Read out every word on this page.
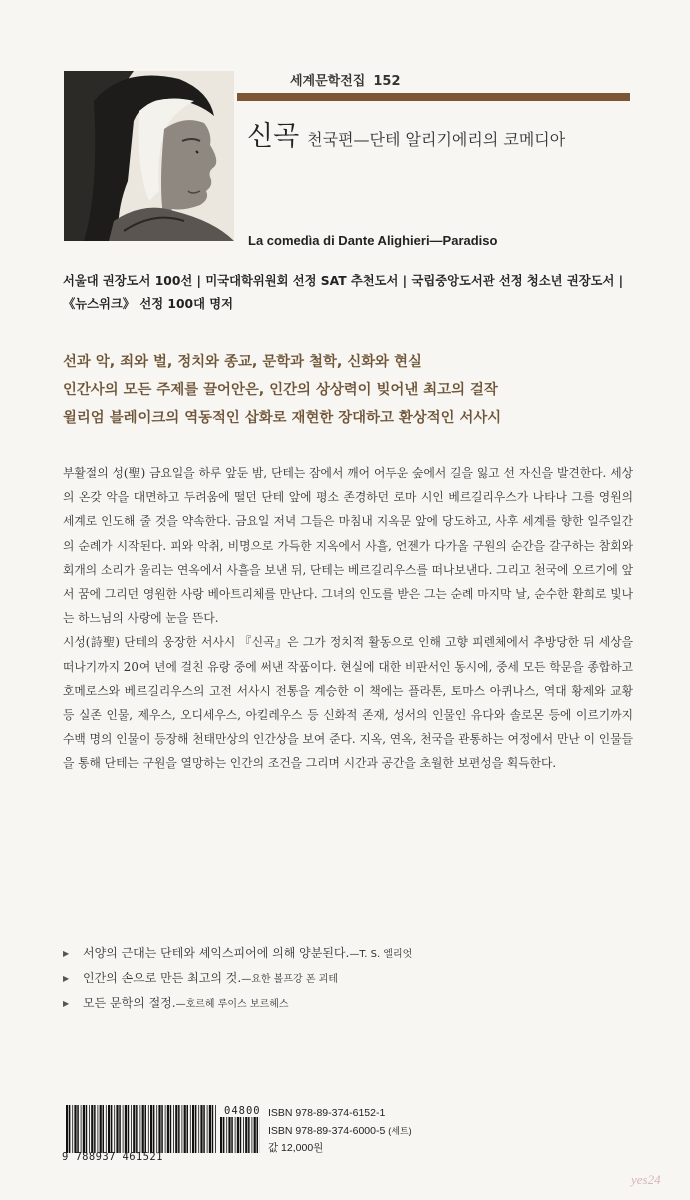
세계문학전집 152
신곡 천국편—단테 알리기에리의 코메디아
La comedìa di Dante Alighieri—Paradiso
서울대 권장도서 100선 | 미국대학위원회 선정 SAT 추천도서 | 국립중앙도서관 선정 청소년 권장도서 | 《뉴스위크》 선정 100대 명저
선과 악, 죄와 벌, 정치와 종교, 문학과 철학, 신화와 현실
인간사의 모든 주제를 끌어안은, 인간의 상상력이 빚어낸 최고의 걸작
윌리엄 블레이크의 역동적인 삽화로 재현한 장대하고 환상적인 서사시

부활절의 성(聖) 금요일을 하루 앞둔 밤, 단테는 잠에서 깨어 어두운 숲에서 길을 잃고 선 자신을 발견한다. 세상의 온갖 악을 대면하고 두려움에 떨던 단테 앞에 평소 존경하던 로마 시인 베르길리우스가 나타나 그를 영원의 세계로 인도해 줄 것을 약속한다. 금요일 저녁 그들은 마침내 지옥문 앞에 당도하고, 사후 세계를 향한 일주일간의 순례가 시작된다. 피와 악취, 비명으로 가득한 지옥에서 사흘, 언젠가 다가올 구원의 순간을 갈구하는 참회와 회개의 소리가 울리는 연옥에서 사흘을 보낸 뒤, 단테는 베르길리우스를 떠나보낸다. 그리고 천국에 오르기에 앞서 꿈에 그리던 영원한 사랑 베아트리체를 만난다. 그녀의 인도를 받은 그는 순례 마지막 날, 순수한 환희로 빛나는 하느님의 사랑에 눈을 뜬다.

시성(詩聖) 단테의 웅장한 서사시 『신곡』은 그가 정치적 활동으로 인해 고향 피렌체에서 추방당한 뒤 세상을 떠나기까지 20여 년에 걸친 유랑 중에 써낸 작품이다. 현실에 대한 비판서인 동시에, 중세 모든 학문을 종합하고 호메로스와 베르길리우스의 고전 서사시 전통을 계승한 이 책에는 플라톤, 토마스 아퀴나스, 역대 황제와 교황 등 실존 인물, 제우스, 오디세우스, 아킬레우스 등 신화적 존재, 성서의 인물인 유다와 솔로몬 등에 이르기까지 수백 명의 인물이 등장해 천태만상의 인간상을 보여 준다. 지옥, 연옥, 천국을 관통하는 여정에서 만난 이 인물들을 통해 단테는 구원을 열망하는 인간의 조건을 그리며 시간과 공간을 초월한 보편성을 획득한다.

▶ 서양의 근대는 단테와 셰익스피어에 의해 양분된다.—T. S. 엘리엇
▶ 인간의 손으로 만든 최고의 것.—요한 볼프강 폰 괴테
▶ 모든 문학의 절정.—호르헤 루이스 보르헤스
9 788937 461521
04800 ISBN 978-89-374-6152-1
ISBN 978-89-374-6000-5 (세트)
값 12,000원
yes24
